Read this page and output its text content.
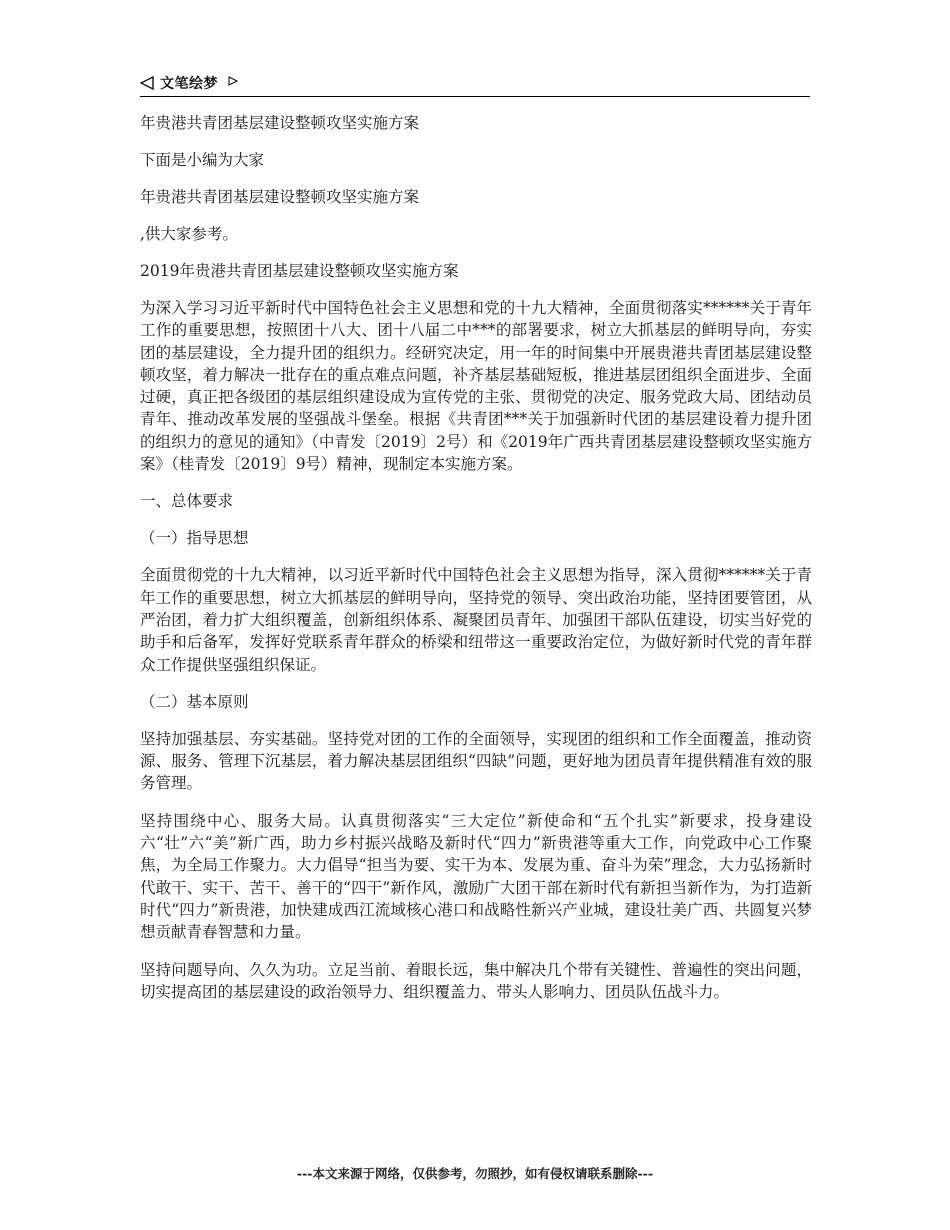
文笔绘梦
年贵港共青团基层建设整顿攻坚实施方案
下面是小编为大家
年贵港共青团基层建设整顿攻坚实施方案
,供大家参考。
2019年贵港共青团基层建设整顿攻坚实施方案
为深入学习习近平新时代中国特色社会主义思想和党的十九大精神，全面贯彻落实******关于青年工作的重要思想，按照团十八大、团十八届二中***的部署要求，树立大抓基层的鲜明导向，夯实团的基层建设，全力提升团的组织力。经研究决定，用一年的时间集中开展贵港共青团基层建设整顿攻坚，着力解决一批存在的重点难点问题，补齐基层基础短板，推进基层团组织全面进步、全面过硬，真正把各级团的基层组织建设成为宣传党的主张、贯彻党的决定、服务党政大局、团结动员青年、推动改革发展的坚强战斗堡垒。根据《共青团***关于加强新时代团的基层建设着力提升团的组织力的意见的通知》（中青发〔2019〕2号）和《2019年广西共青团基层建设整顿攻坚实施方案》（桂青发〔2019〕9号）精神，现制定本实施方案。
一、总体要求
（一）指导思想
全面贯彻党的十九大精神，以习近平新时代中国特色社会主义思想为指导，深入贯彻******关于青年工作的重要思想，树立大抓基层的鲜明导向，坚持党的领导、突出政治功能，坚持团要管团，从严治团，着力扩大组织覆盖，创新组织体系、凝聚团员青年、加强团干部队伍建设，切实当好党的助手和后备军，发挥好党联系青年群众的桥梁和纽带这一重要政治定位，为做好新时代党的青年群众工作提供坚强组织保证。
（二）基本原则
坚持加强基层、夯实基础。坚持党对团的工作的全面领导，实现团的组织和工作全面覆盖，推动资源、服务、管理下沉基层，着力解决基层团组织“四缺”问题，更好地为团员青年提供精准有效的服务管理。
坚持围绕中心、服务大局。认真贯彻落实“三大定位”新使命和“五个扎实”新要求，投身建设六“壮”六“美”新广西，助力乡村振兴战略及新时代“四力”新贵港等重大工作，向党政中心工作聚焦，为全局工作聚力。大力倡导“担当为要、实干为本、发展为重、奋斗为荣”理念，大力弘扬新时代敢干、实干、苦干、善干的“四干”新作风，激励广大团干部在新时代有新担当新作为，为打造新时代“四力”新贵港，加快建成西江流域核心港口和战略性新兴产业城，建设壮美广西、共圆复兴梦想贡献青春智慧和力量。
坚持问题导向、久久为功。立足当前、着眼长远，集中解决几个带有关键性、普遍性的突出问题，切实提高团的基层建设的政治领导力、组织覆盖力、带头人影响力、团员队伍战斗力。
---本文来源于网络，仅供参考，勿照抄，如有侵权请联系删除---
